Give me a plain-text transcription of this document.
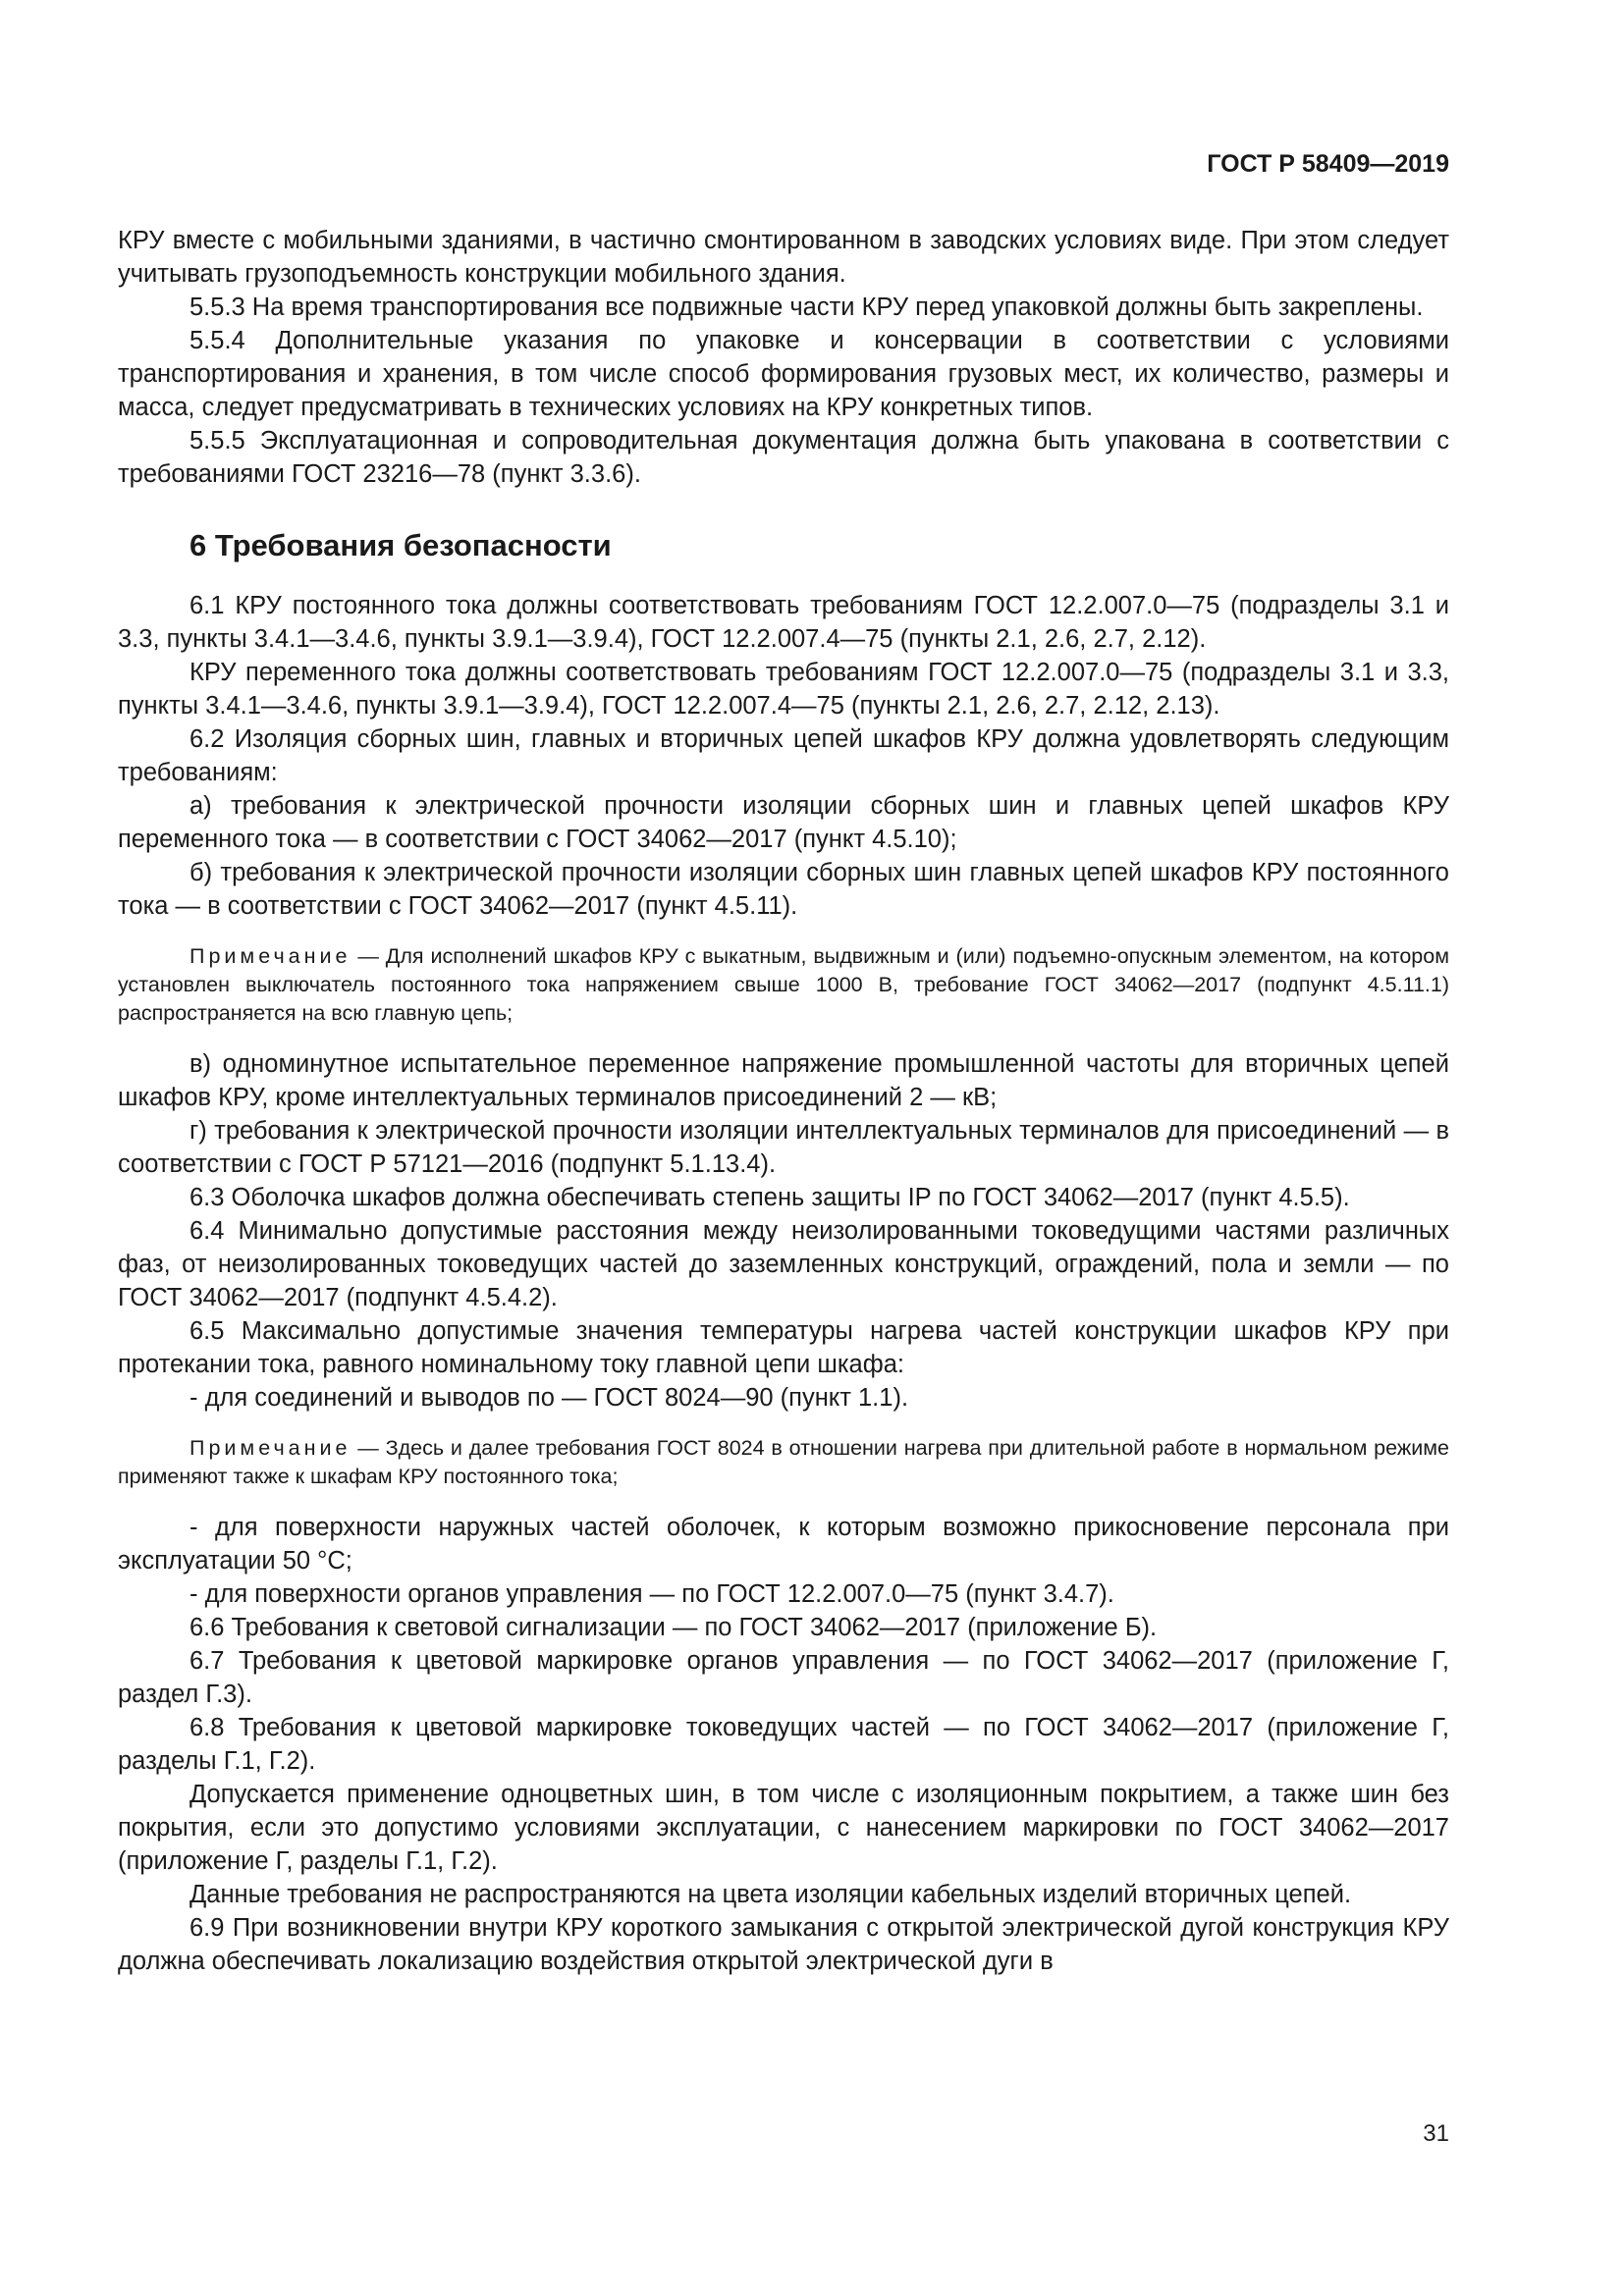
ГОСТ Р 58409—2019

КРУ вместе с мобильными зданиями, в частично смонтированном в заводских условиях виде. При этом следует учитывать грузоподъемность конструкции мобильного здания.

5.5.3 На время транспортирования все подвижные части КРУ перед упаковкой должны быть закреплены.

5.5.4 Дополнительные указания по упаковке и консервации в соответствии с условиями транспортирования и хранения, в том числе способ формирования грузовых мест, их количество, размеры и масса, следует предусматривать в технических условиях на КРУ конкретных типов.

5.5.5 Эксплуатационная и сопроводительная документация должна быть упакована в соответствии с требованиями ГОСТ 23216—78 (пункт 3.3.6).

6 Требования безопасности

6.1 КРУ постоянного тока должны соответствовать требованиям ГОСТ 12.2.007.0—75 (подразделы 3.1 и 3.3, пункты 3.4.1—3.4.6, пункты 3.9.1—3.9.4), ГОСТ 12.2.007.4—75 (пункты 2.1, 2.6, 2.7, 2.12).

КРУ переменного тока должны соответствовать требованиям ГОСТ 12.2.007.0—75 (подразделы 3.1 и 3.3, пункты 3.4.1—3.4.6, пункты 3.9.1—3.9.4), ГОСТ 12.2.007.4—75 (пункты 2.1, 2.6, 2.7, 2.12, 2.13).

6.2 Изоляция сборных шин, главных и вторичных цепей шкафов КРУ должна удовлетворять следующим требованиям:

а) требования к электрической прочности изоляции сборных шин и главных цепей шкафов КРУ переменного тока — в соответствии с ГОСТ 34062—2017 (пункт 4.5.10);

б) требования к электрической прочности изоляции сборных шин главных цепей шкафов КРУ постоянного тока — в соответствии с ГОСТ 34062—2017 (пункт 4.5.11).

Примечание — Для исполнений шкафов КРУ с выкатным, выдвижным и (или) подъемно-опускным элементом, на котором установлен выключатель постоянного тока напряжением свыше 1000 В, требование ГОСТ 34062—2017 (подпункт 4.5.11.1) распространяется на всю главную цепь;

в) одноминутное испытательное переменное напряжение промышленной частоты для вторичных цепей шкафов КРУ, кроме интеллектуальных терминалов присоединений 2 — кВ;

г) требования к электрической прочности изоляции интеллектуальных терминалов для присоединений — в соответствии с ГОСТ Р 57121—2016 (подпункт 5.1.13.4).

6.3 Оболочка шкафов должна обеспечивать степень защиты IP по ГОСТ 34062—2017 (пункт 4.5.5).

6.4 Минимально допустимые расстояния между неизолированными токоведущими частями различных фаз, от неизолированных токоведущих частей до заземленных конструкций, ограждений, пола и земли — по ГОСТ 34062—2017 (подпункт 4.5.4.2).

6.5 Максимально допустимые значения температуры нагрева частей конструкции шкафов КРУ при протекании тока, равного номинальному току главной цепи шкафа:

- для соединений и выводов по — ГОСТ 8024—90 (пункт 1.1).

Примечание — Здесь и далее требования ГОСТ 8024 в отношении нагрева при длительной работе в нормальном режиме применяют также к шкафам КРУ постоянного тока;

- для поверхности наружных частей оболочек, к которым возможно прикосновение персонала при эксплуатации 50 °С;

- для поверхности органов управления — по ГОСТ 12.2.007.0—75 (пункт 3.4.7).

6.6 Требования к световой сигнализации — по ГОСТ 34062—2017 (приложение Б).

6.7 Требования к цветовой маркировке органов управления — по ГОСТ 34062—2017 (приложение Г, раздел Г.3).

6.8 Требования к цветовой маркировке токоведущих частей — по ГОСТ 34062—2017 (приложение Г, разделы Г.1, Г.2).

Допускается применение одноцветных шин, в том числе с изоляционным покрытием, а также шин без покрытия, если это допустимо условиями эксплуатации, с нанесением маркировки по ГОСТ 34062—2017 (приложение Г, разделы Г.1, Г.2).

Данные требования не распространяются на цвета изоляции кабельных изделий вторичных цепей.

6.9 При возникновении внутри КРУ короткого замыкания с открытой электрической дугой конструкция КРУ должна обеспечивать локализацию воздействия открытой электрической дуги в

31
